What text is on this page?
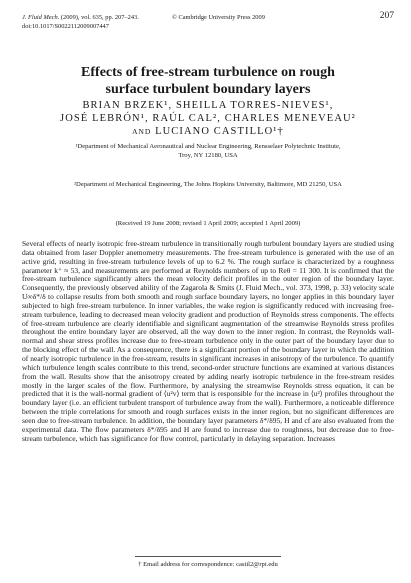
J. Fluid Mech. (2009), vol. 635, pp. 207–243.	© Cambridge University Press 2009
doi:10.1017/S0022112009007447
207
Effects of free-stream turbulence on rough
surface turbulent boundary layers
BRIAN BRZEK¹, SHEILLA TORRES-NIEVES¹,
JOSÉ LEBRÓN¹, RAÚL CAL², CHARLES MENEVEAU²
AND LUCIANO CASTILLO¹†
¹Department of Mechanical Aeronautical and Nuclear Engineering, Rensselaer Polytechnic Institute,
Troy, NY 12180, USA
²Department of Mechanical Engineering, The Johns Hopkins University, Baltimore, MD 21250, USA
(Received 19 June 2008; revised 1 April 2009; accepted 1 April 2009)

Several effects of nearly isotropic free-stream turbulence in transitionally rough turbulent boundary layers are studied using data obtained from laser Doppler anemometry measurements. The free-stream turbulence is generated with the use of an active grid, resulting in free-stream turbulence levels of up to 6.2 %. The rough surface is characterized by a roughness parameter k⁺ ≈ 53, and measurements are performed at Reynolds numbers of up to Reθ = 11 300. It is confirmed that the free-stream turbulence significantly alters the mean velocity deficit profiles in the outer region of the boundary layer. Consequently, the previously observed ability of the Zagarola & Smits (J. Fluid Mech., vol. 373, 1998, p. 33) velocity scale U∞δ*/δ to collapse results from both smooth and rough surface boundary layers, no longer applies in this boundary layer subjected to high free-stream turbulence. In inner variables, the wake region is significantly reduced with increasing free-stream turbulence, leading to decreased mean velocity gradient and production of Reynolds stress components. The effects of free-stream turbulence are clearly identifiable and significant augmentation of the streamwise Reynolds stress profiles throughout the entire boundary layer are observed, all the way down to the inner region. In contrast, the Reynolds wall-normal and shear stress profiles increase due to free-stream turbulence only in the outer part of the boundary layer due to the blocking effect of the wall. As a consequence, there is a significant portion of the boundary layer in which the addition of nearly isotropic turbulence in the free-stream, results in significant increases in anisotropy of the turbulence. To quantify which turbulence length scales contribute to this trend, second-order structure functions are examined at various distances from the wall. Results show that the anisotropy created by adding nearly isotropic turbulence in the free-stream resides mostly in the larger scales of the flow. Furthermore, by analysing the streamwise Reynolds stress equation, it can be predicted that it is the wall-normal gradient of ⟨u²v⟩ term that is responsible for the increase in ⟨u²⟩ profiles throughout the boundary layer (i.e. an efficient turbulent transport of turbulence away from the wall). Furthermore, a noticeable difference between the triple correlations for smooth and rough surfaces exists in the inner region, but no significant differences are seen due to free-stream turbulence. In addition, the boundary layer parameters δ*/δ95, H and cf are also evaluated from the experimental data. The flow parameters δ*/δ95 and H are found to increase due to roughness, but decrease due to free-stream turbulence, which has significance for flow control, particularly in delaying separation. Increases

† Email address for correspondence: castil2@rpi.edu
